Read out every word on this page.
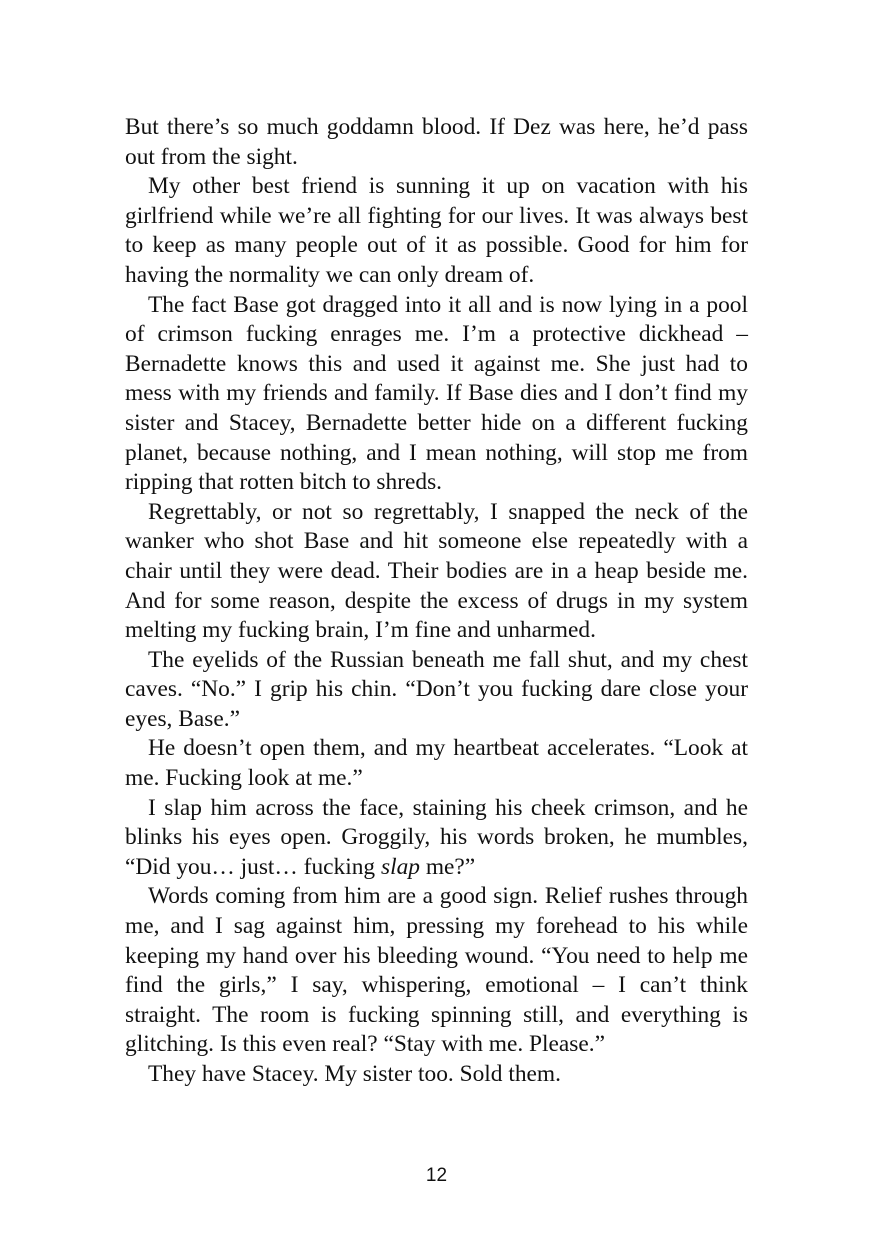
But there’s so much goddamn blood. If Dez was here, he’d pass out from the sight.

My other best friend is sunning it up on vacation with his girlfriend while we’re all fighting for our lives. It was always best to keep as many people out of it as possible. Good for him for having the normality we can only dream of.

The fact Base got dragged into it all and is now lying in a pool of crimson fucking enrages me. I’m a protective dickhead – Bernadette knows this and used it against me. She just had to mess with my friends and family. If Base dies and I don’t find my sister and Stacey, Bernadette better hide on a different fucking planet, because nothing, and I mean nothing, will stop me from ripping that rotten bitch to shreds.

Regrettably, or not so regrettably, I snapped the neck of the wanker who shot Base and hit someone else repeatedly with a chair until they were dead. Their bodies are in a heap beside me. And for some reason, despite the excess of drugs in my system melting my fucking brain, I’m fine and unharmed.

The eyelids of the Russian beneath me fall shut, and my chest caves. “No.” I grip his chin. “Don’t you fucking dare close your eyes, Base.”

He doesn’t open them, and my heartbeat accelerates. “Look at me. Fucking look at me.”

I slap him across the face, staining his cheek crimson, and he blinks his eyes open. Groggily, his words broken, he mumbles, “Did you… just… fucking slap me?”

Words coming from him are a good sign. Relief rushes through me, and I sag against him, pressing my forehead to his while keeping my hand over his bleeding wound. “You need to help me find the girls,” I say, whispering, emotional – I can’t think straight. The room is fucking spinning still, and everything is glitching. Is this even real? “Stay with me. Please.”

They have Stacey. My sister too. Sold them.

12
